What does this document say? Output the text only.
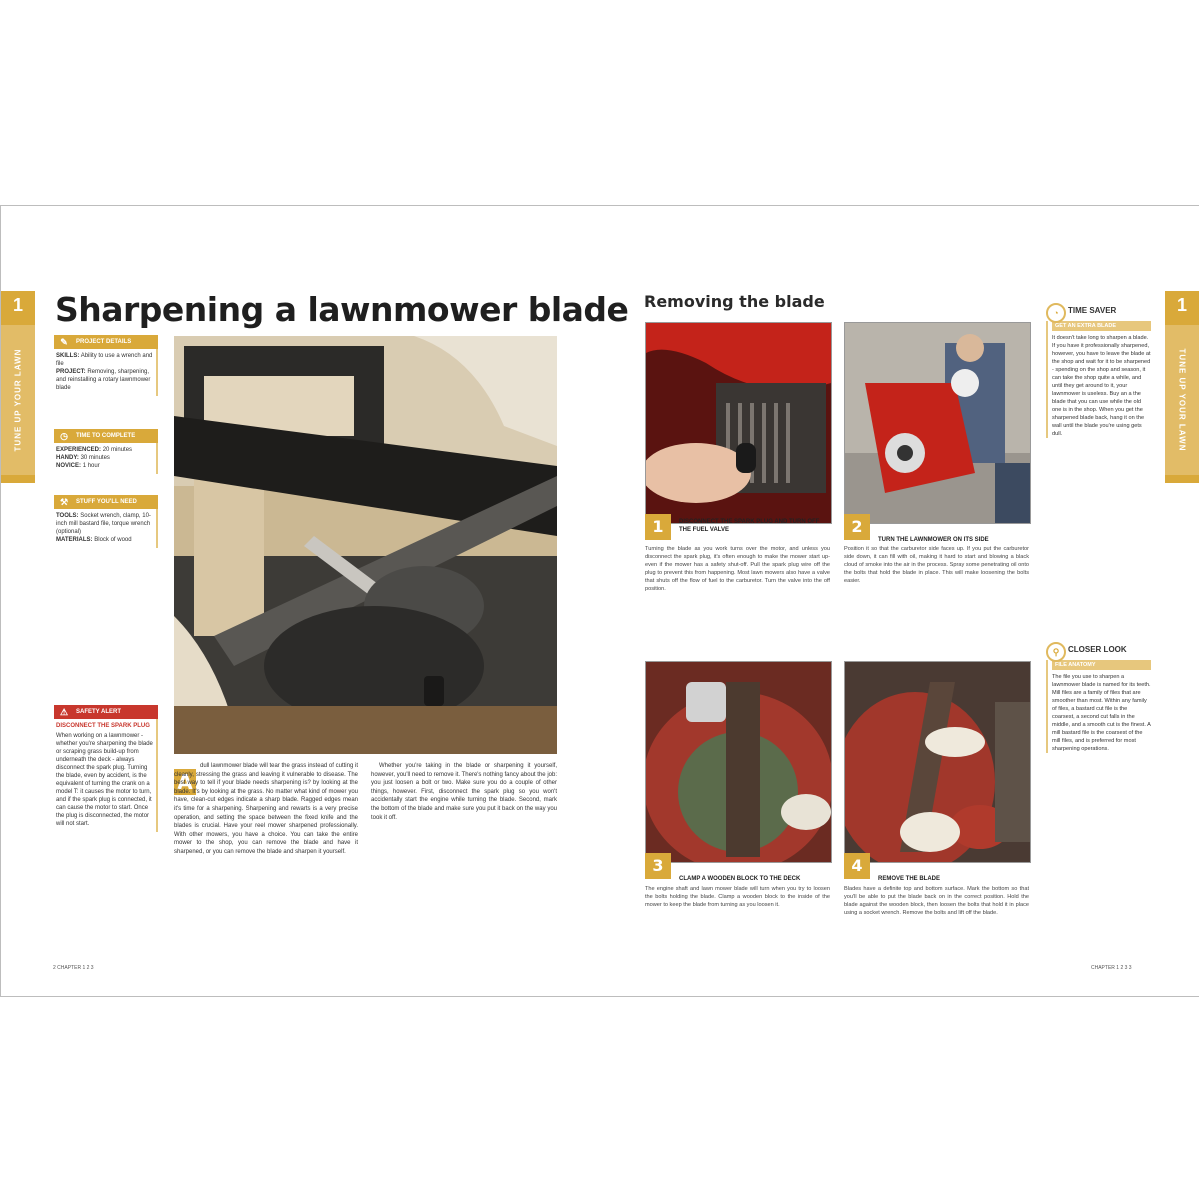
1
TUNE UP YOUR LAWN
Sharpening a lawnmower blade
✎	PROJECT DETAILS
SKILLS: Ability to use a wrench and file
PROJECT: Removing, sharpening, and reinstalling a rotary lawnmower blade
◷	TIME TO COMPLETE
EXPERIENCED: 20 minutes
HANDY: 30 minutes
NOVICE: 1 hour
⚒	STUFF YOU'LL NEED
TOOLS: Socket wrench, clamp, 10-inch mill bastard file, torque wrench (optional)
MATERIALS: Block of wood
⚠	SAFETY ALERT
DISCONNECT THE SPARK PLUG
When working on a lawnmower - whether you're sharpening the blade or scraping grass build-up from underneath the deck - always disconnect the spark plug. Turning the blade, even by accident, is the equivalent of turning the crank on a model T: it causes the motor to turn, and if the spark plug is connected, it can cause the motor to start. Once the plug is disconnected, the motor will not start.
A
dull lawnmower blade will tear the grass instead of cutting it cleanly, stressing the grass and leaving it vulnerable to disease. The best way to tell if your blade needs sharpening is? by looking at the blade. It's by looking at the grass. No matter what kind of mower you have, clean-cut edges indicate a sharp blade. Ragged edges mean it's time for a sharpening. Sharpening and rewarts is a very precise operation, and setting the space between the fixed knife and the blades is crucial. Have your reel mower sharpened professionally. With other mowers, you have a choice. You can take the entire mower to the shop, you can remove the blade and have it sharpened, or you can remove the blade and sharpen it yourself.
Whether you're taking in the blade or sharpening it yourself, however, you'll need to remove it. There's nothing fancy about the job: you just loosen a bolt or two. Make sure you do a couple of other things, however. First, disconnect the spark plug so you won't accidentally start the engine while turning the blade. Second, mark the bottom of the blade and make sure you put it back on the way you took it off.
2 CHAPTER 1 2 3
Removing the blade
1	DISCONNECT THE SPARK PLUG AND TURN OFF THE FUEL VALVE
Turning the blade as you work turns over the motor, and unless you disconnect the spark plug, it's often enough to make the mower start up-even if the mower has a safety shut-off. Pull the spark plug wire off the plug to prevent this from happening. Most lawn mowers also have a valve that shuts off the flow of fuel to the carburetor. Turn the valve into the off position.
2
TURN THE LAWNMOWER ON ITS SIDE
Position it so that the carburetor side faces up. If you put the carburetor side down, it can fill with oil, making it hard to start and blowing a black cloud of smoke into the air in the process. Spray some penetrating oil onto the bolts that hold the blade in place. This will make loosening the bolts easier.
3
CLAMP A WOODEN BLOCK TO THE DECK
The engine shaft and lawn mower blade will turn when you try to loosen the bolts holding the blade. Clamp a wooden block to the inside of the mower to keep the blade from turning as you loosen it.
4
REMOVE THE BLADE
Blades have a definite top and bottom surface. Mark the bottom so that you'll be able to put the blade back on in the correct position. Hold the blade against the wooden block, then loosen the bolts that hold it in place using a socket wrench. Remove the bolts and lift off the blade.
◔	TIME SAVER
GET AN EXTRA BLADE
It doesn't take long to sharpen a blade. If you have it professionally sharpened, however, you have to leave the blade at the shop and wait for it to be sharpened - spending on the shop and season, it can take the shop quite a while, and until they get around to it, your lawnmower is useless. Buy an a the blade that you can use while the old one is in the shop. When you get the sharpened blade back, hang it on the wall until the blade you're using gets dull.
⚲	CLOSER LOOK
FILE ANATOMY
The file you use to sharpen a lawnmower blade is named for its teeth. Mill files are a family of files that are smoother than most. Within any family of files, a bastard cut file is the coarsest, a second cut falls in the middle, and a smooth cut is the finest. A mill bastard file is the coarsest of the mill files, and is preferred for most sharpening operations.
1
TUNE UP YOUR LAWN
CHAPTER 1 2 3 3
